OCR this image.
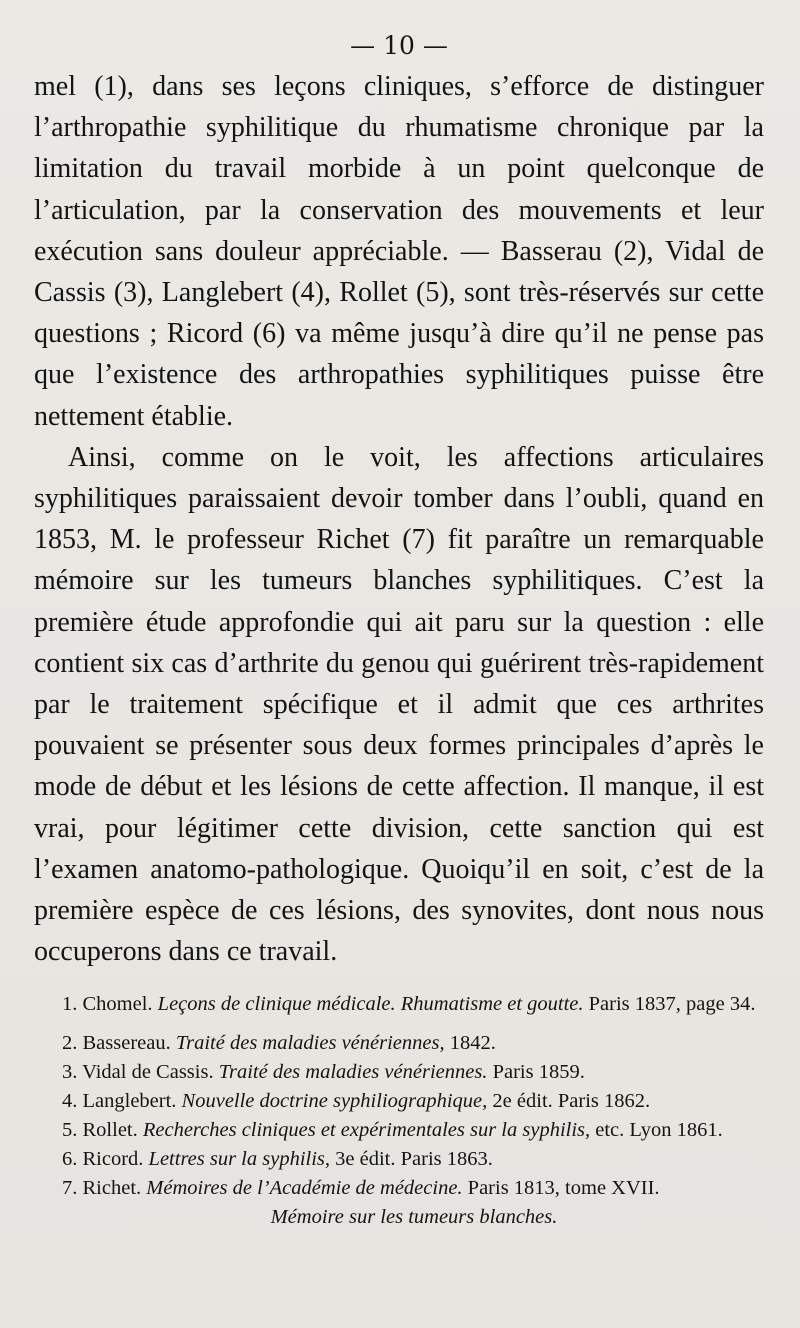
— 10 —

mel (1), dans ses leçons cliniques, s’efforce de distinguer l’arthropathie syphilitique du rhumatisme chronique par la limitation du travail morbide à un point quelconque de l’articulation, par la conservation des mouvements et leur exécution sans douleur appréciable. — Basserau (2), Vidal de Cassis (3), Langlebert (4), Rollet (5), sont très-réservés sur cette questions ; Ricord (6) va même jusqu’à dire qu’il ne pense pas que l’existence des arthropathies syphilitiques puisse être nettement établie.

Ainsi, comme on le voit, les affections articulaires syphilitiques paraissaient devoir tomber dans l’oubli, quand en 1853, M. le professeur Richet (7) fit paraître un remarquable mémoire sur les tumeurs blanches syphilitiques. C’est la première étude approfondie qui ait paru sur la question : elle contient six cas d’arthrite du genou qui guérirent très-rapidement par le traitement spécifique et il admit que ces arthrites pouvaient se présenter sous deux formes principales d’après le mode de début et les lésions de cette affection. Il manque, il est vrai, pour légitimer cette division, cette sanction qui est l’examen anatomo-pathologique. Quoiqu’il en soit, c’est de la première espèce de ces lésions, des synovites, dont nous nous occuperons dans ce travail.

1. Chomel. Leçons de clinique médicale. Rhumatisme et goutte. Paris 1837, page 34.

2. Bassereau. Traité des maladies vénériennes, 1842.

3. Vidal de Cassis. Traité des maladies vénériennes. Paris 1859.

4. Langlebert. Nouvelle doctrine syphiliographique, 2e édit. Paris 1862.

5. Rollet. Recherches cliniques et expérimentales sur la syphilis, etc. Lyon 1861.

6. Ricord. Lettres sur la syphilis, 3e édit. Paris 1863.

7. Richet. Mémoires de l’Académie de médecine. Paris 1813, tome XVII.

Mémoire sur les tumeurs blanches.
